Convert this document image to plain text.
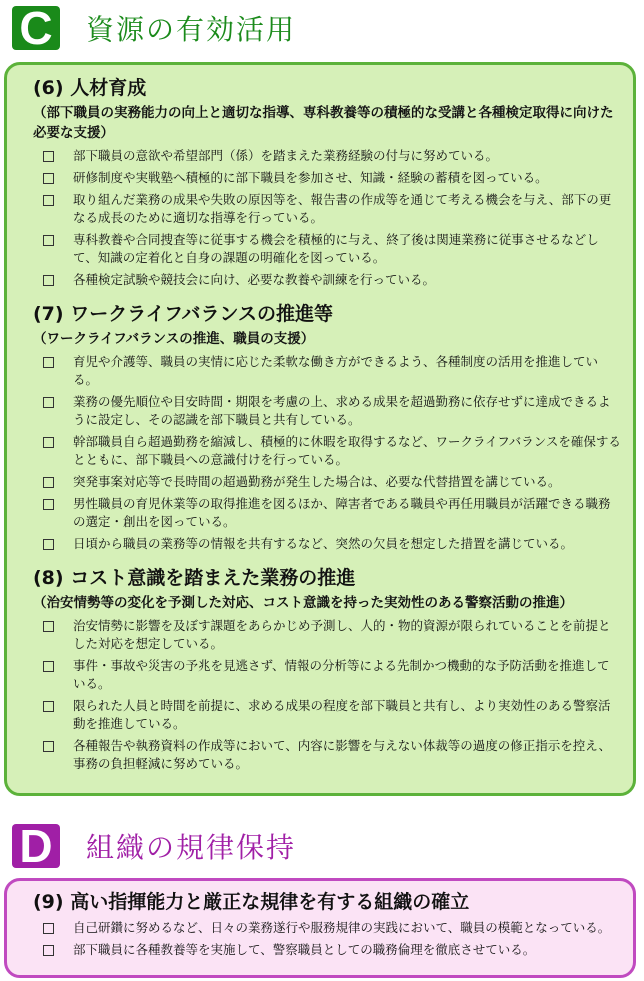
C 資源の有効活用
(6) 人材育成
（部下職員の実務能力の向上と適切な指導、専科教養等の積極的な受講と各種検定取得に向けた必要な支援）
部下職員の意欲や希望部門（係）を踏まえた業務経験の付与に努めている。
研修制度や実戦塾へ積極的に部下職員を参加させ、知識・経験の蓄積を図っている。
取り組んだ業務の成果や失敗の原因等を、報告書の作成等を通じて考える機会を与え、部下の更なる成長のために適切な指導を行っている。
専科教養や合同捜査等に従事する機会を積極的に与え、終了後は関連業務に従事させるなどして、知識の定着化と自身の課題の明確化を図っている。
各種検定試験や競技会に向け、必要な教養や訓練を行っている。
(7) ワークライフバランスの推進等
（ワークライフバランスの推進、職員の支援）
育児や介護等、職員の実情に応じた柔軟な働き方ができるよう、各種制度の活用を推進している。
業務の優先順位や目安時間・期限を考慮の上、求める成果を超過勤務に依存せずに達成できるように設定し、その認識を部下職員と共有している。
幹部職員自ら超過勤務を縮減し、積極的に休暇を取得するなど、ワークライフバランスを確保するとともに、部下職員への意識付けを行っている。
突発事案対応等で長時間の超過勤務が発生した場合は、必要な代替措置を講じている。
男性職員の育児休業等の取得推進を図るほか、障害者である職員や再任用職員が活躍できる職務の選定・創出を図っている。
日頃から職員の業務等の情報を共有するなど、突然の欠員を想定した措置を講じている。
(8) コスト意識を踏まえた業務の推進
（治安情勢等の変化を予測した対応、コスト意識を持った実効性のある警察活動の推進）
治安情勢に影響を及ぼす課題をあらかじめ予測し、人的・物的資源が限られていることを前提とした対応を想定している。
事件・事故や災害の予兆を見逃さず、情報の分析等による先制かつ機動的な予防活動を推進している。
限られた人員と時間を前提に、求める成果の程度を部下職員と共有し、より実効性のある警察活動を推進している。
各種報告や執務資料の作成等において、内容に影響を与えない体裁等の過度の修正指示を控え、事務の負担軽減に努めている。
D 組織の規律保持
(9) 高い指揮能力と厳正な規律を有する組織の確立
自己研鑽に努めるなど、日々の業務遂行や服務規律の実践において、職員の模範となっている。
部下職員に各種教養等を実施して、警察職員としての職務倫理を徹底させている。
